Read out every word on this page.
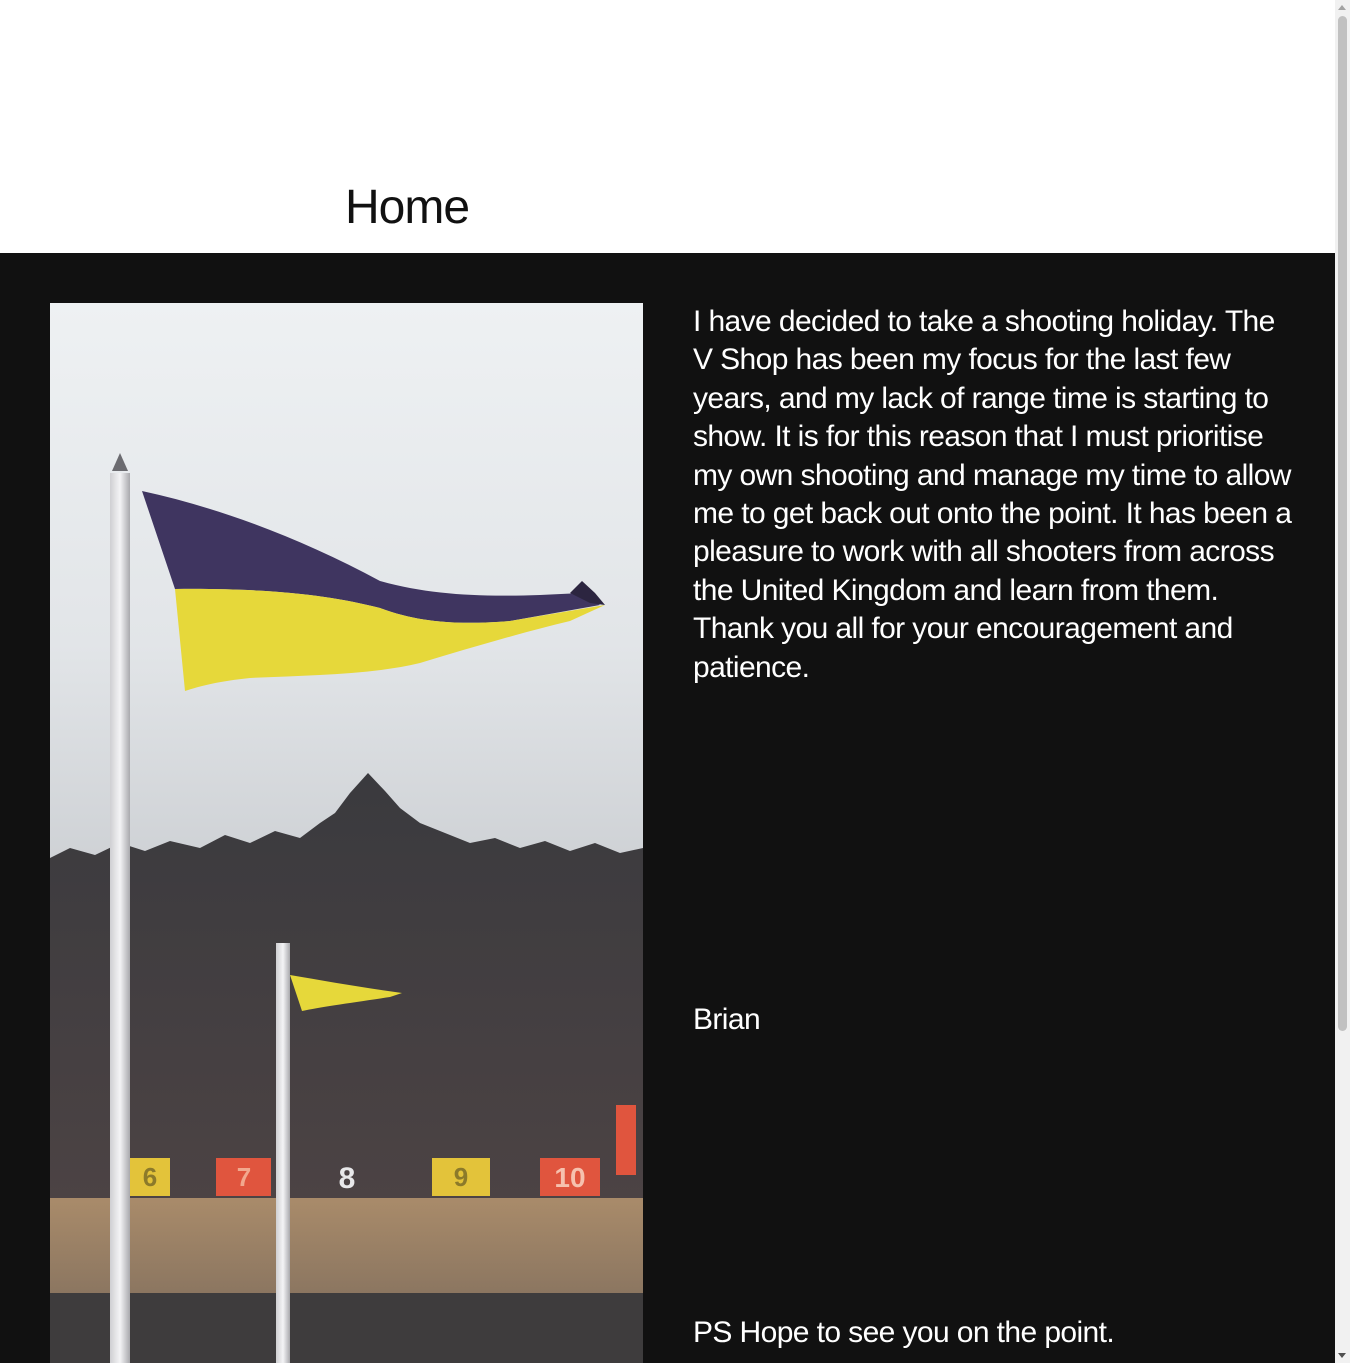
Home
6	7	8	9	10

I have decided to take a shooting holiday. The V Shop has been my focus for the last few years, and my lack of range time is starting to show. It is for this reason that I must prioritise my own shooting and manage my time to allow me to get back out onto the point. It has been a pleasure to work with all shooters from across the United Kingdom and learn from them. Thank you all for your encouragement and patience.

Brian

PS Hope to see you on the point.
